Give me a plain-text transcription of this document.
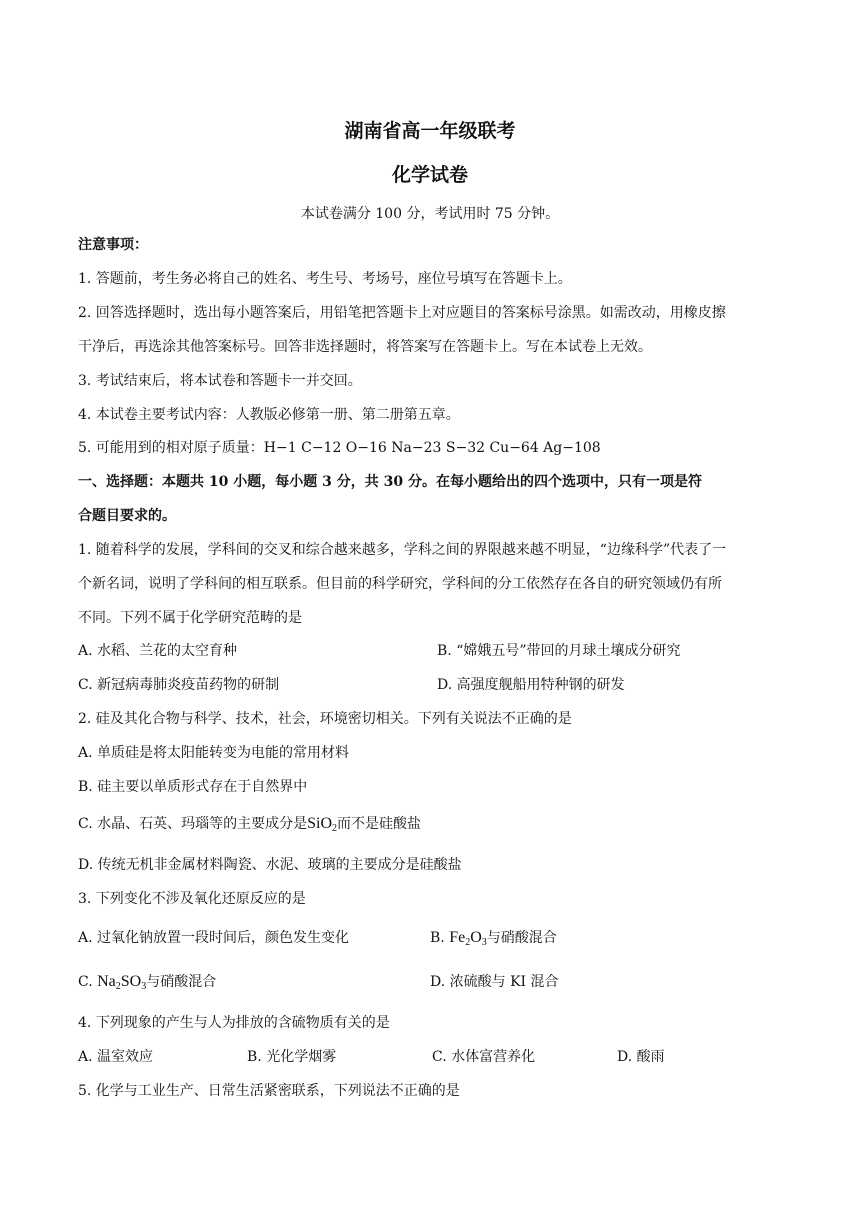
湖南省高一年级联考
化学试卷
本试卷满分 100 分，考试用时 75 分钟。
注意事项：
1. 答题前，考生务必将自己的姓名、考生号、考场号，座位号填写在答题卡上。
2. 回答选择题时，选出每小题答案后，用铅笔把答题卡上对应题目的答案标号涂黑。如需改动，用橡皮擦
干净后，再选涂其他答案标号。回答非选择题时，将答案写在答题卡上。写在本试卷上无效。
3. 考试结束后，将本试卷和答题卡一并交回。
4. 本试卷主要考试内容：人教版必修第一册、第二册第五章。
5. 可能用到的相对原子质量：H−1 C−12 O−16 Na−23 S−32 Cu−64 Ag−108
一、选择题：本题共 10 小题，每小题 3 分，共 30 分。在每小题给出的四个选项中，只有一项是符
合题目要求的。
1. 随着科学的发展，学科间的交叉和综合越来越多，学科之间的界限越来越不明显，“边缘科学”代表了一
个新名词，说明了学科间的相互联系。但目前的科学研究，学科间的分工依然存在各自的研究领域仍有所
不同。下列不属于化学研究范畴的是
A. 水稻、兰花的太空育种	B. “嫦娥五号”带回的月球土壤成分研究
C. 新冠病毒肺炎疫苗药物的研制	D. 高强度舰船用特种钢的研发
2. 硅及其化合物与科学、技术，社会，环境密切相关。下列有关说法不正确的是
A. 单质硅是将太阳能转变为电能的常用材料
B. 硅主要以单质形式存在于自然界中
C. 水晶、石英、玛瑙等的主要成分是SiO$_2$而不是硅酸盐
D. 传统无机非金属材料陶瓷、水泥、玻璃的主要成分是硅酸盐
3. 下列变化不涉及氧化还原反应的是
A. 过氧化钠放置一段时间后，颜色发生变化	B. $Fe_2O_3$与硝酸混合
C. $Na_2SO_3$与硝酸混合	D. 浓硫酸与 KI 混合
4. 下列现象的产生与人为排放的含硫物质有关的是
A. 温室效应	B. 光化学烟雾	C. 水体富营养化	D. 酸雨
5. 化学与工业生产、日常生活紧密联系，下列说法不正确的是
